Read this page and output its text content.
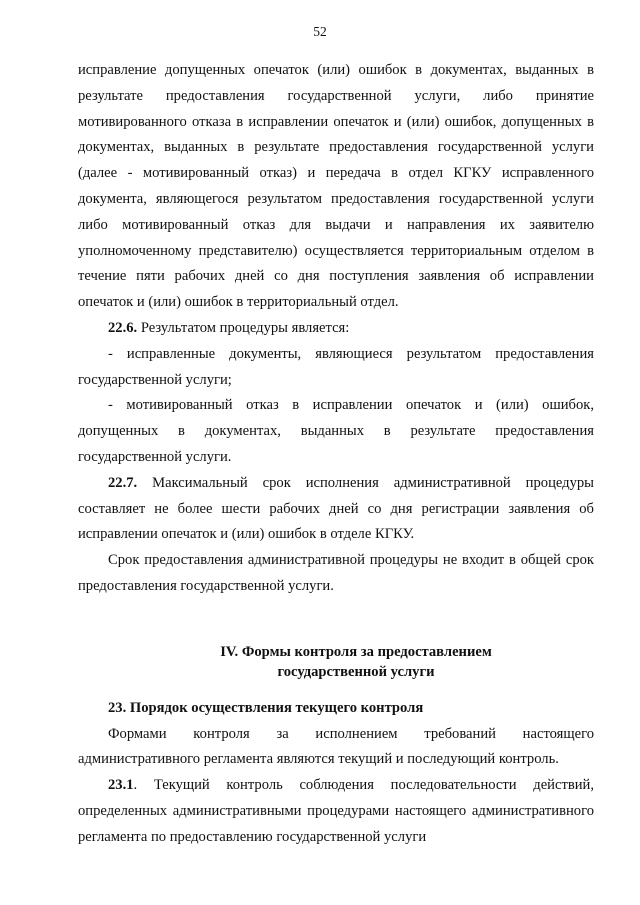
52

исправление допущенных опечаток (или) ошибок в документах, выданных в результате предоставления государственной услуги, либо принятие мотивированного отказа в исправлении опечаток и (или) ошибок, допущенных в документах, выданных в результате предоставления государственной услуги (далее - мотивированный отказ) и передача в отдел КГКУ исправленного документа, являющегося результатом предоставления государственной услуги либо мотивированный отказ для выдачи и направления их заявителю уполномоченному представителю) осуществляется территориальным отделом в течение пяти рабочих дней со дня поступления заявления об исправлении опечаток и (или) ошибок в территориальный отдел.

22.6. Результатом процедуры является:

- исправленные документы, являющиеся результатом предоставления государственной услуги;

- мотивированный отказ в исправлении опечаток и (или) ошибок, допущенных в документах, выданных в результате предоставления государственной услуги.

22.7. Максимальный срок исполнения административной процедуры составляет не более шести рабочих дней со дня регистрации заявления об исправлении опечаток и (или) ошибок в отделе КГКУ.

Срок предоставления административной процедуры не входит в общей срок предоставления государственной услуги.

IV. Формы контроля за предоставлением

государственной услуги

23. Порядок осуществления текущего контроля

Формами контроля за исполнением требований настоящего административного регламента являются текущий и последующий контроль.

23.1. Текущий контроль соблюдения последовательности действий, определенных административными процедурами настоящего административного регламента по предоставлению государственной услуги
